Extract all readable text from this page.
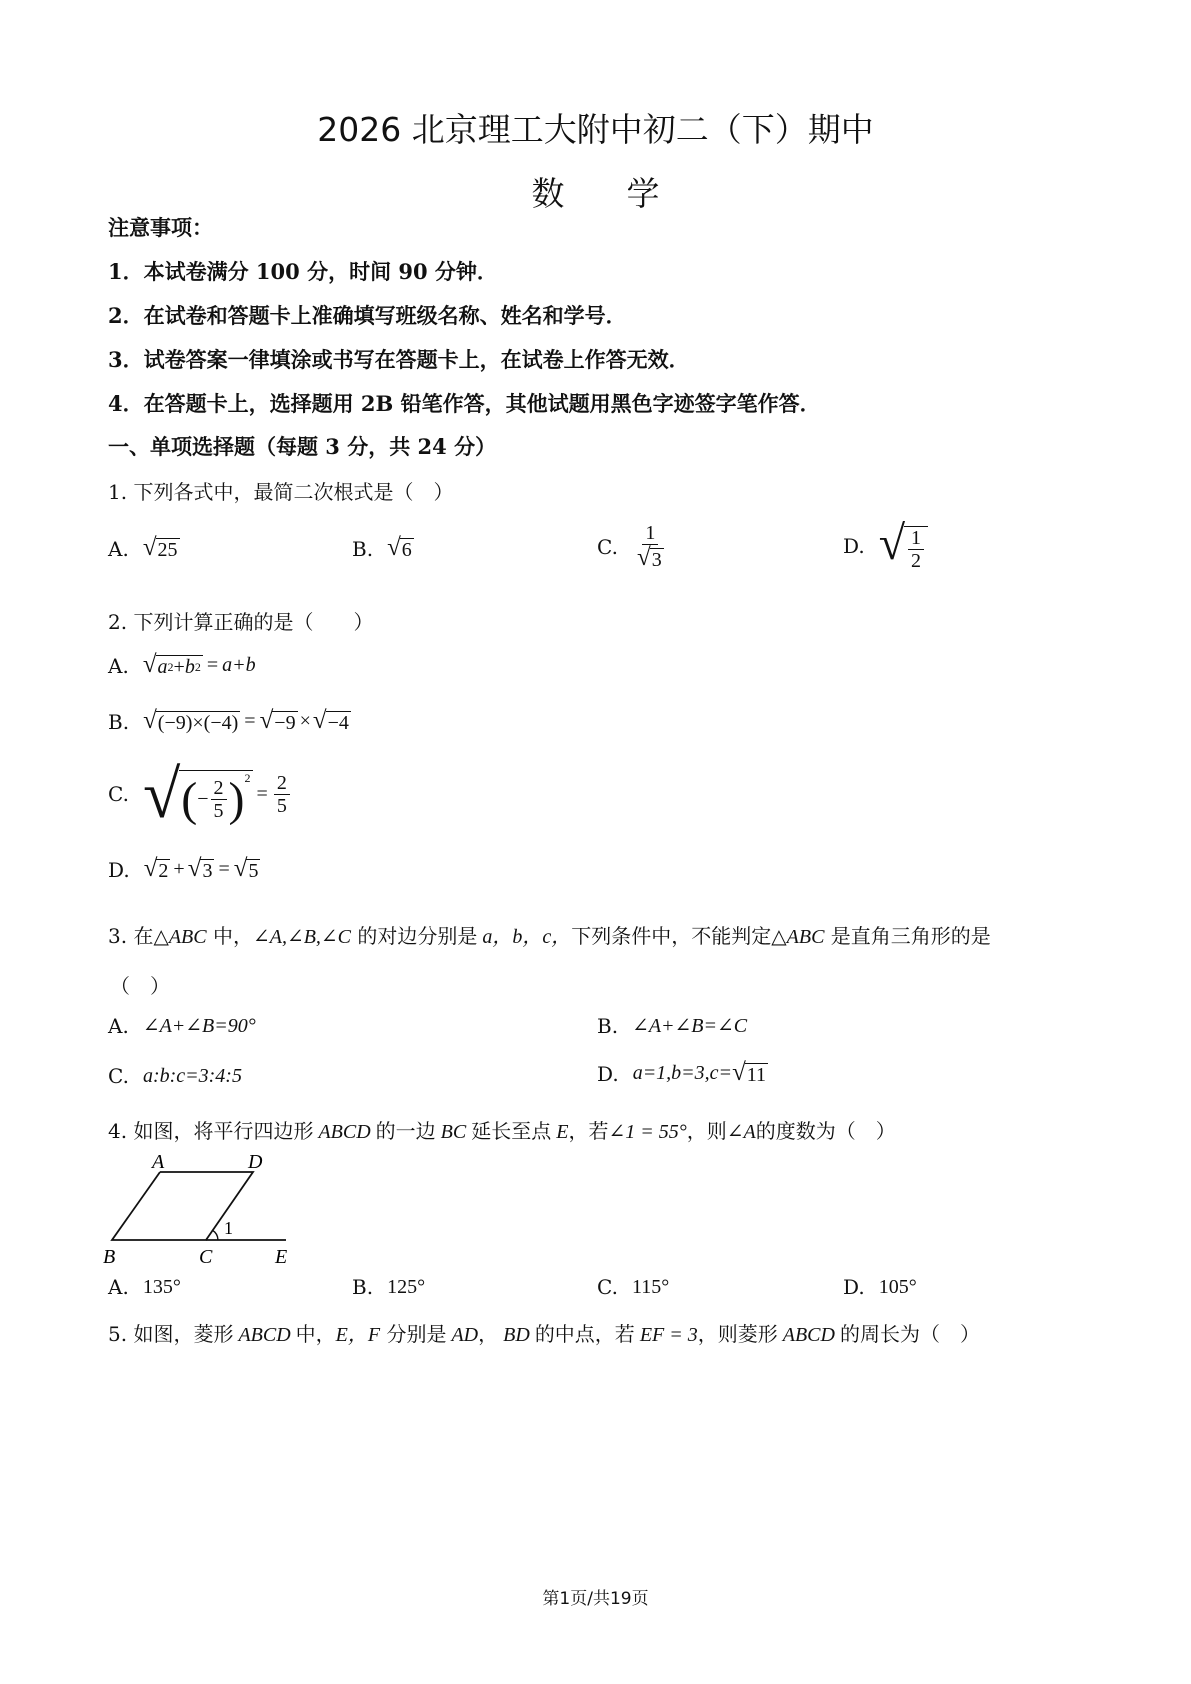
2026 北京理工大附中初二（下）期中
数学
注意事项：
1．本试卷满分 100 分，时间 90 分钟．
2．在试卷和答题卡上准确填写班级名称、姓名和学号．
3．试卷答案一律填涂或书写在答题卡上，在试卷上作答无效．
4．在答题卡上，选择题用 2B 铅笔作答，其他试题用黑色字迹签字笔作答．
一、单项选择题（每题 3 分，共 24 分）
1. 下列各式中，最简二次根式是（　）
A. √ 25	B. √ 6	C. $\frac{1}{√ 3}$	D. √ $\frac{1}{2}$
2. 下列计算正确的是（　　）
A. √ a 2 + b 2 = a+b
B. √ (−9)×(−4) = √ −9 × √ −4
C. √ ( − $\frac{2}{5}$ ) 2
= $\frac{2}{5}$
D. √ 2 + √ 3 = √ 5
3. 在△ABC 中，∠A,∠B,∠C 的对边分别是 a，b，c，下列条件中，不能判定△ABC 是直角三角形的是
（　）
A. ∠A+∠B=90°	B. ∠A+∠B=∠C
C. a:b:c=3:4:5	D. a=1,b=3,c= √ 11
4. 如图，将平行四边形 ABCD 的一边 BC 延长至点 E，若∠1 = 55°，则∠A的度数为（　）
A	D
B	C	E
1
A. 135°	B. 125°	C. 115°	D. 105°
5. 如图，菱形 ABCD 中，E，F 分别是 AD， BD 的中点，若 EF = 3，则菱形 ABCD 的周长为（　）
第1页/共19页
